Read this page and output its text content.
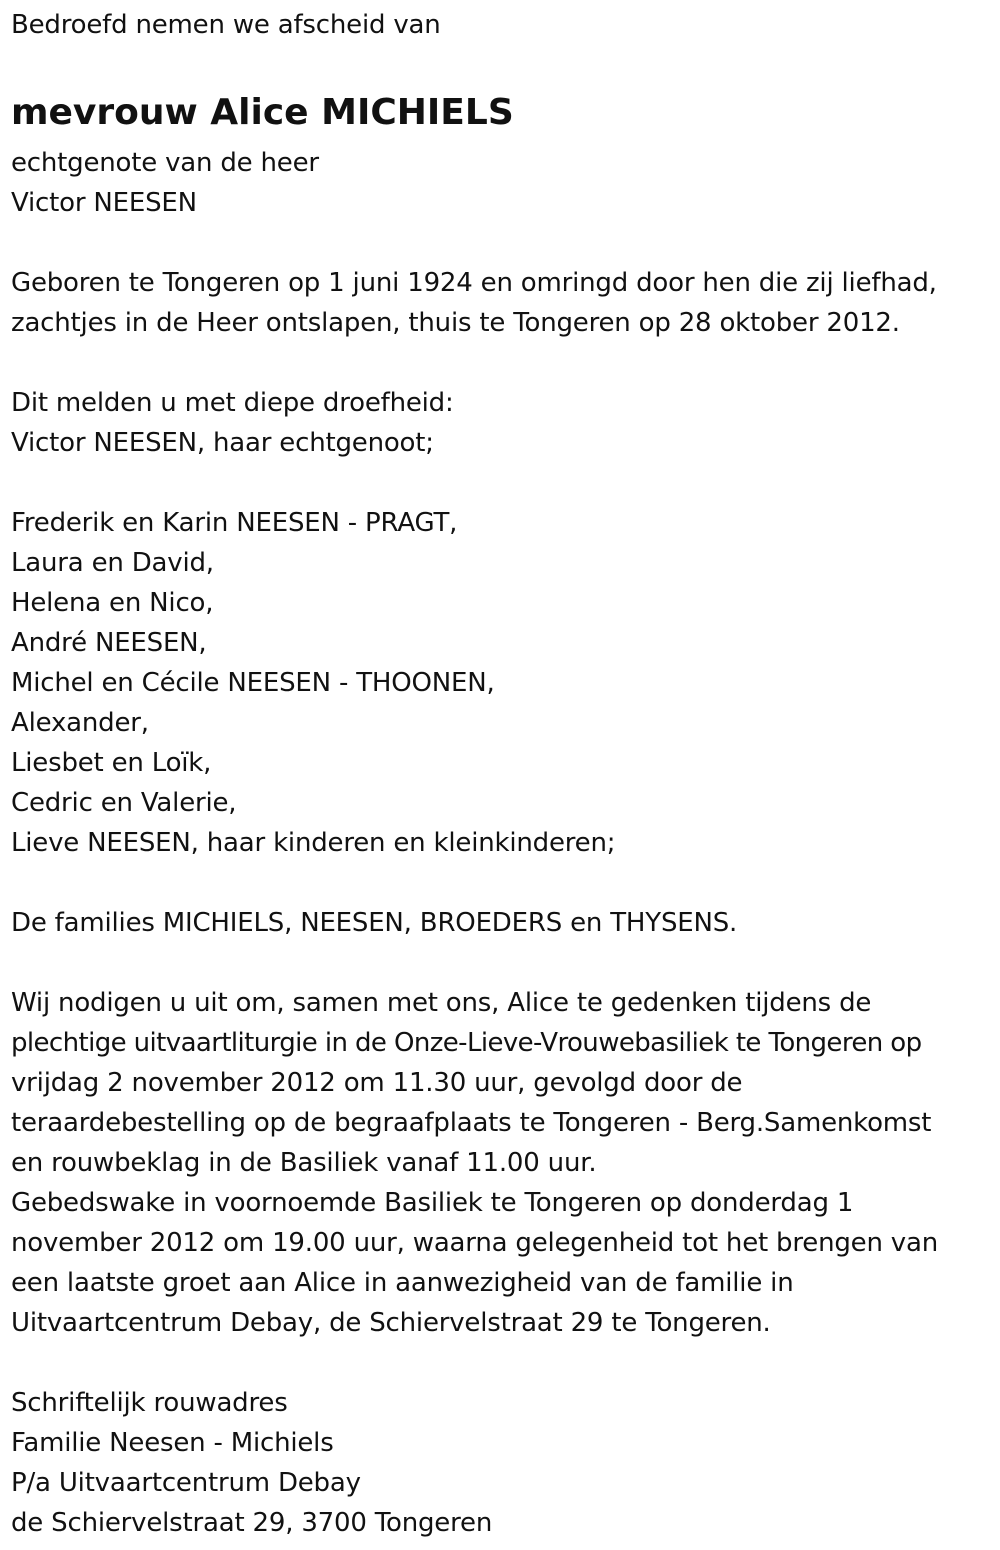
Bedroefd nemen we afscheid van
mevrouw Alice MICHIELS
echtgenote van de heer
Victor NEESEN
Geboren te Tongeren op 1 juni 1924 en omringd door hen die zij liefhad,
zachtjes in de Heer ontslapen, thuis te Tongeren op 28 oktober 2012.
Dit melden u met diepe droefheid:
Victor NEESEN, haar echtgenoot;
Frederik en Karin NEESEN - PRAGT,
Laura en David,
Helena en Nico,
André NEESEN,
Michel en Cécile NEESEN - THOONEN,
Alexander,
Liesbet en Loïk,
Cedric en Valerie,
Lieve NEESEN, haar kinderen en kleinkinderen;
De families MICHIELS, NEESEN, BROEDERS en THYSENS.
Wij nodigen u uit om, samen met ons, Alice te gedenken tijdens de
plechtige uitvaartliturgie in de Onze-Lieve-Vrouwebasiliek te Tongeren op
vrijdag 2 november 2012 om 11.30 uur, gevolgd door de
teraardebestelling op de begraafplaats te Tongeren - Berg.Samenkomst
en rouwbeklag in de Basiliek vanaf 11.00 uur.
Gebedswake in voornoemde Basiliek te Tongeren op donderdag 1
november 2012 om 19.00 uur, waarna gelegenheid tot het brengen van
een laatste groet aan Alice in aanwezigheid van de familie in
Uitvaartcentrum Debay, de Schiervelstraat 29 te Tongeren.
Schriftelijk rouwadres
Familie Neesen - Michiels
P/a Uitvaartcentrum Debay
de Schiervelstraat 29, 3700 Tongeren
